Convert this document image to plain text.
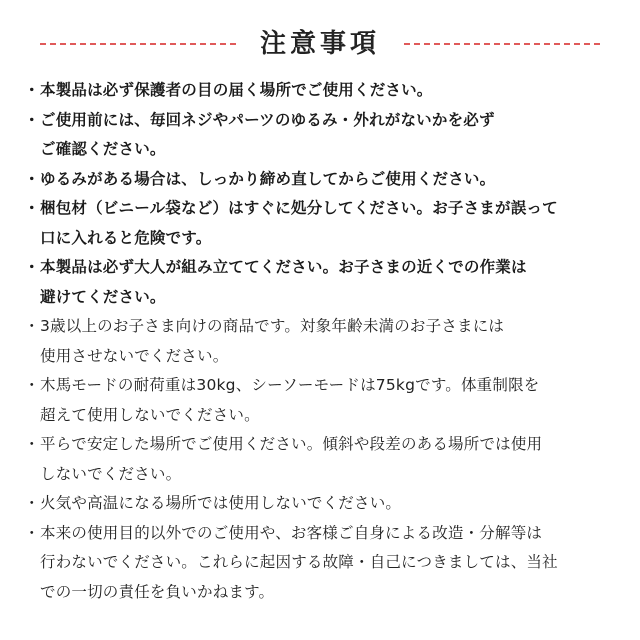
注意事項
・ 本製品は必ず保護者の目の届く場所でご使用ください。
・ ご使用前には、毎回ネジやパーツのゆるみ・外れがないかを必ず
ご確認ください。
・ ゆるみがある場合は、しっかり締め直してからご使用ください。
・ 梱包材（ビニール袋など）はすぐに処分してください。お子さまが誤って
口に入れると危険です。
・ 本製品は必ず大人が組み立ててください。お子さまの近くでの作業は
避けてください。
・ 3歳以上のお子さま向けの商品です。対象年齢未満のお子さまには
使用させないでください。
・ 木馬モードの耐荷重は30kg、シーソーモードは75kgです。体重制限を
超えて使用しないでください。
・ 平らで安定した場所でご使用ください。傾斜や段差のある場所では使用
しないでください。
・ 火気や高温になる場所では使用しないでください。
・ 本来の使用目的以外でのご使用や、お客様ご自身による改造・分解等は
行わないでください。これらに起因する故障・自己につきましては、当社
での一切の責任を負いかねます。
